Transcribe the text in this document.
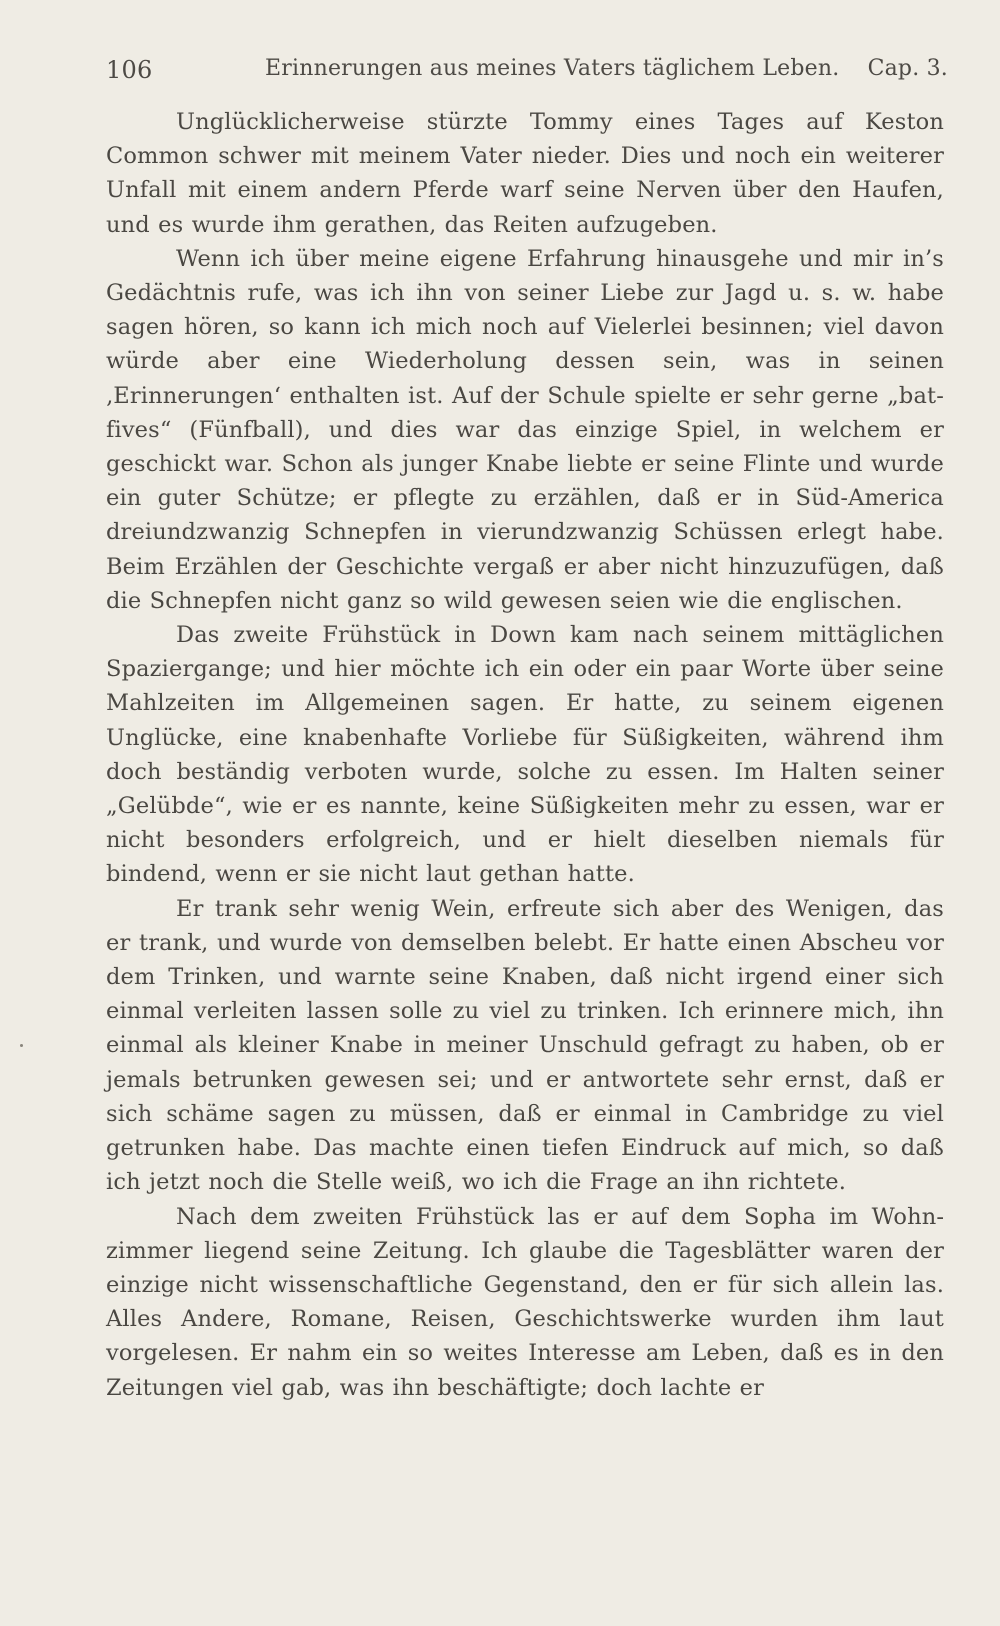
106	Erinnerungen aus meines Vaters täglichem Leben. Cap. 3.

Unglücklicherweise stürzte Tommy eines Tages auf Keston Common schwer mit meinem Vater nieder. Dies und noch ein weiterer Unfall mit einem andern Pferde warf seine Nerven über den Haufen, und es wurde ihm gerathen, das Reiten aufzugeben.

Wenn ich über meine eigene Erfahrung hinausgehe und mir in’s Gedächtnis rufe, was ich ihn von seiner Liebe zur Jagd u. s. w. habe sagen hören, so kann ich mich noch auf Vielerlei besinnen; viel davon würde aber eine Wiederholung dessen sein, was in seinen ‚Erinnerungen‘ enthalten ist. Auf der Schule spielte er sehr gerne „bat-fives“ (Fünfball), und dies war das einzige Spiel, in welchem er geschickt war. Schon als junger Knabe liebte er seine Flinte und wurde ein guter Schütze; er pflegte zu erzählen, daß er in Süd-America dreiundzwanzig Schnepfen in vierundzwanzig Schüssen erlegt habe. Beim Erzählen der Geschichte vergaß er aber nicht hinzuzufügen, daß die Schnepfen nicht ganz so wild gewesen seien wie die englischen.

Das zweite Frühstück in Down kam nach seinem mittäglichen Spaziergange; und hier möchte ich ein oder ein paar Worte über seine Mahlzeiten im Allgemeinen sagen. Er hatte, zu seinem eigenen Unglücke, eine knabenhafte Vorliebe für Süßigkeiten, während ihm doch beständig verboten wurde, solche zu essen. Im Halten seiner „Gelübde“, wie er es nannte, keine Süßigkeiten mehr zu essen, war er nicht besonders erfolgreich, und er hielt dieselben niemals für bindend, wenn er sie nicht laut gethan hatte.

Er trank sehr wenig Wein, erfreute sich aber des Wenigen, das er trank, und wurde von demselben belebt. Er hatte einen Abscheu vor dem Trinken, und warnte seine Knaben, daß nicht irgend einer sich einmal verleiten lassen solle zu viel zu trinken. Ich erinnere mich, ihn einmal als kleiner Knabe in meiner Unschuld gefragt zu haben, ob er jemals betrunken gewesen sei; und er antwortete sehr ernst, daß er sich schäme sagen zu müssen, daß er einmal in Cambridge zu viel getrunken habe. Das machte einen tiefen Eindruck auf mich, so daß ich jetzt noch die Stelle weiß, wo ich die Frage an ihn richtete.

Nach dem zweiten Frühstück las er auf dem Sopha im Wohnzimmer liegend seine Zeitung. Ich glaube die Tagesblätter waren der einzige nicht wissenschaftliche Gegenstand, den er für sich allein las. Alles Andere, Romane, Reisen, Geschichtswerke wurden ihm laut vorgelesen. Er nahm ein so weites Interesse am Leben, daß es in den Zeitungen viel gab, was ihn beschäftigte; doch lachte er
